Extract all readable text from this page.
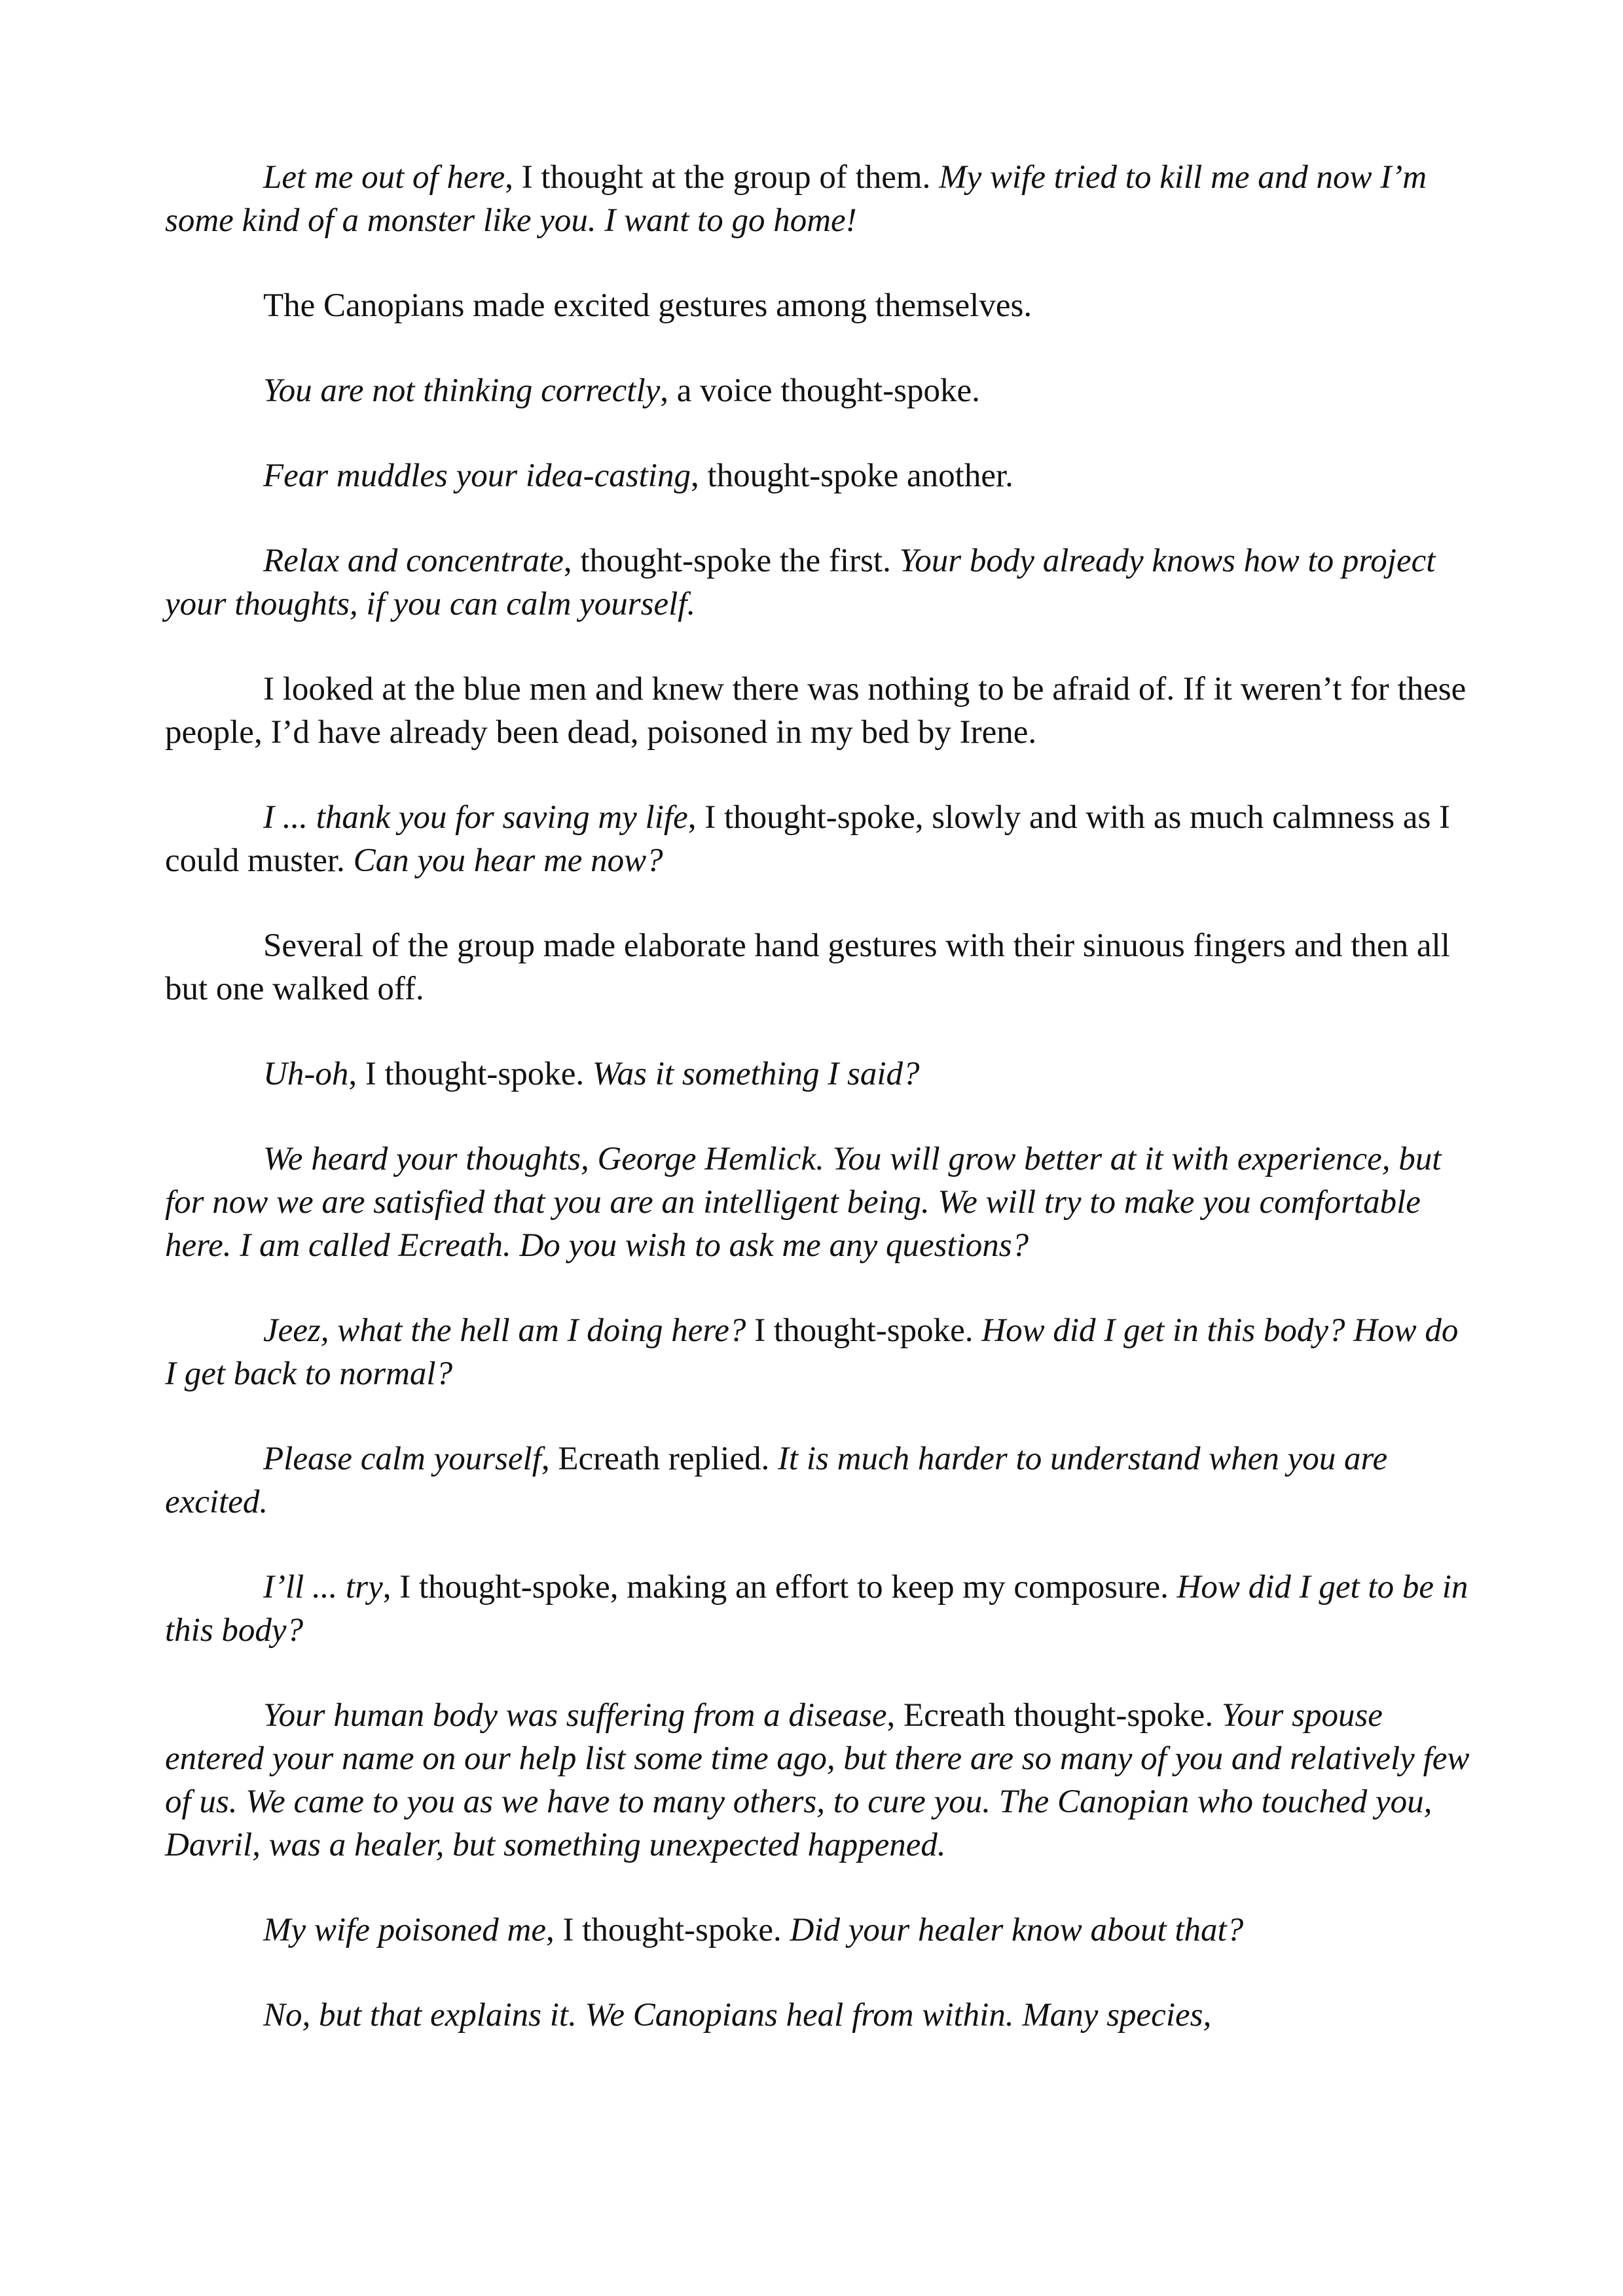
Let me out of here, I thought at the group of them. My wife tried to kill me and now I’m some kind of a monster like you. I want to go home!

The Canopians made excited gestures among themselves.

You are not thinking correctly, a voice thought-spoke.

Fear muddles your idea-casting, thought-spoke another.

Relax and concentrate, thought-spoke the first. Your body already knows how to project your thoughts, if you can calm yourself.

I looked at the blue men and knew there was nothing to be afraid of. If it weren’t for these people, I’d have already been dead, poisoned in my bed by Irene.

I ... thank you for saving my life, I thought-spoke, slowly and with as much calmness as I could muster. Can you hear me now?

Several of the group made elaborate hand gestures with their sinuous fingers and then all but one walked off.

Uh-oh, I thought-spoke. Was it something I said?

We heard your thoughts, George Hemlick. You will grow better at it with experience, but for now we are satisfied that you are an intelligent being. We will try to make you comfortable here. I am called Ecreath. Do you wish to ask me any questions?

Jeez, what the hell am I doing here? I thought-spoke. How did I get in this body? How do I get back to normal?

Please calm yourself, Ecreath replied. It is much harder to understand when you are excited.

I’ll ... try, I thought-spoke, making an effort to keep my composure. How did I get to be in this body?

Your human body was suffering from a disease, Ecreath thought-spoke. Your spouse entered your name on our help list some time ago, but there are so many of you and relatively few of us. We came to you as we have to many others, to cure you. The Canopian who touched you, Davril, was a healer, but something unexpected happened.

My wife poisoned me, I thought-spoke. Did your healer know about that?

No, but that explains it. We Canopians heal from within. Many species,
